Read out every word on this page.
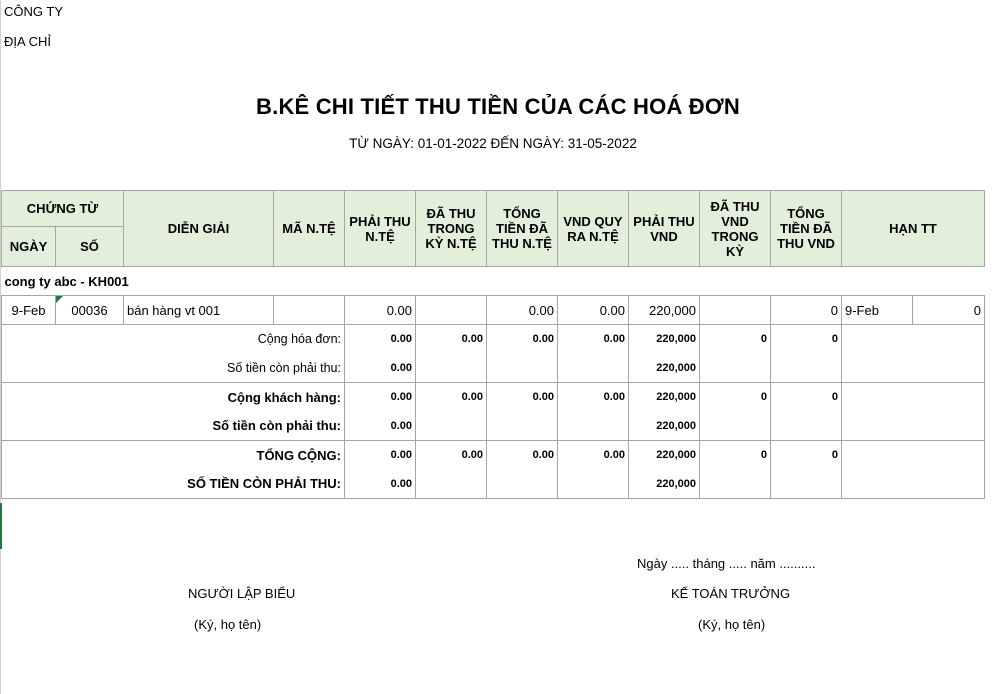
CÔNG TY
ĐỊA CHỈ
B.KÊ CHI TIẾT THU TIỀN CỦA CÁC HOÁ ĐƠN
TỪ NGÀY: 01-01-2022 ĐẾN NGÀY: 31-05-2022
CHỨNG TỪ		DIỄN GIẢI	MÃ N.TỆ	PHẢI THU N.TỆ	ĐÃ THU TRONG KỲ N.TỆ	TỔNG TIỀN ĐÃ THU N.TỆ	VND QUY RA N.TỆ	PHẢI THU VND	ĐÃ THU VND TRONG KỲ	TỔNG TIỀN ĐÃ THU VND	HẠN TT	
NGÀY	SỐ											
cong ty abc - KH001												
9-Feb	00036	bán hàng vt 001		0.00		0.00	0.00	220,000		0	9-Feb	0
Cộng hóa đơn:				0.00	0.00	0.00	0.00	220,000	0	0		
Số tiền còn phải thu:				0.00				220,000				
Cộng khách hàng:				0.00	0.00	0.00	0.00	220,000	0	0		
Số tiền còn phải thu:				0.00				220,000				
TỔNG CỘNG:				0.00	0.00	0.00	0.00	220,000	0	0		
SỐ TIỀN CÒN PHẢI THU:				0.00				220,000				
Ngày ..... tháng ..... năm ..........
NGƯỜI LẬP BIỂU
(Ký, họ tên)
KẾ TOÁN TRƯỞNG
(Ký, họ tên)
